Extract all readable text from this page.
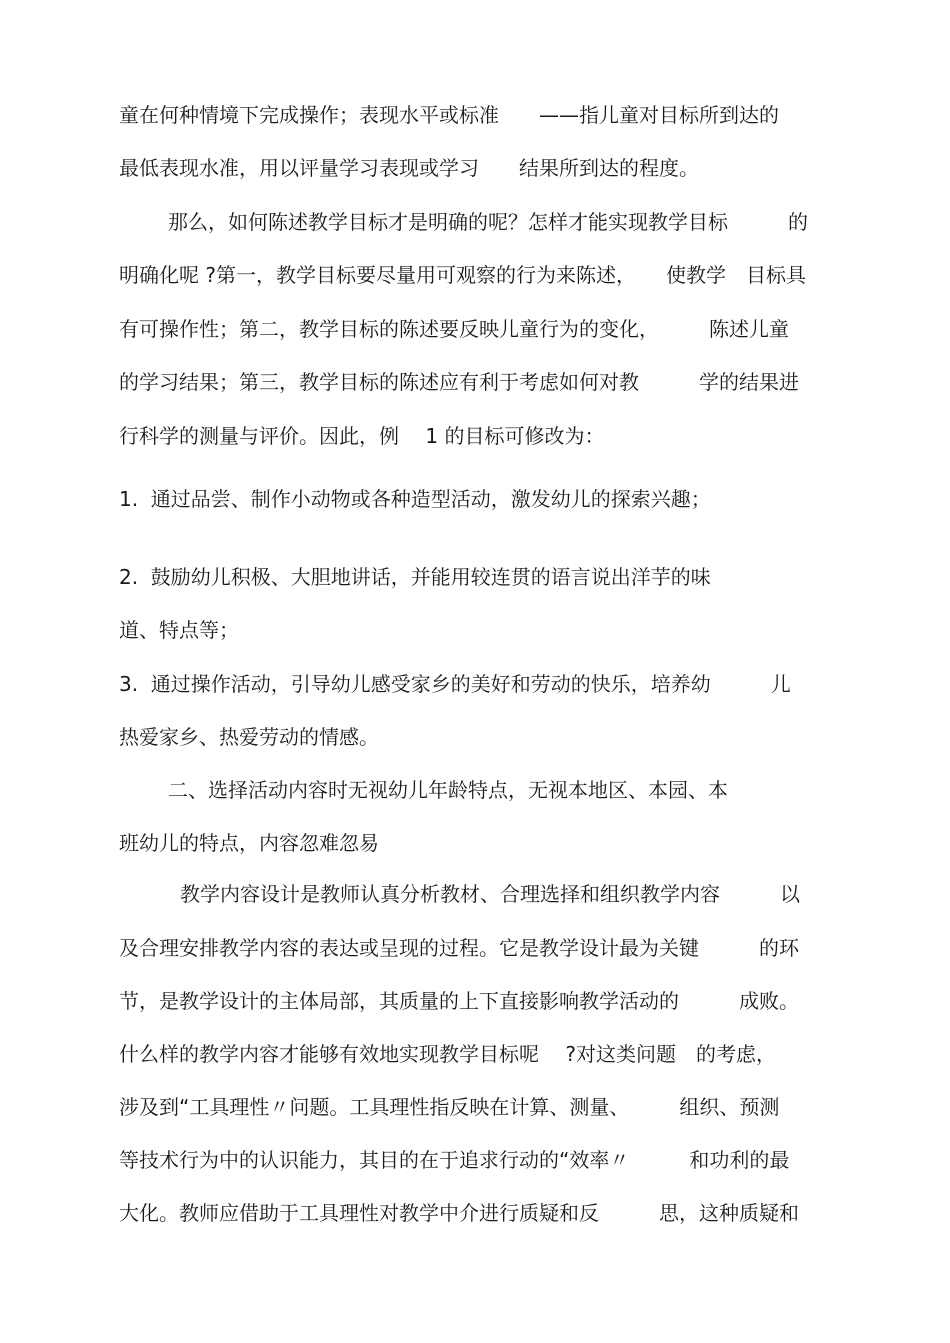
童在何种情境下完成操作；表现水平或标准　　——指儿童对目标所到达的
最低表现水准，用以评量学习表现或学习　　结果所到达的程度。
那么，如何陈述教学目标才是明确的呢？怎样才能实现教学目标　　　的
明确化呢 ?第一，教学目标要尽量用可观察的行为来陈述，　　使教学　目标具
有可操作性；第二，教学目标的陈述要反映儿童行为的变化，　　　陈述儿童
的学习结果；第三，教学目标的陈述应有利于考虑如何对教　　　学的结果进
行科学的测量与评价。因此，例　 1 的目标可修改为：
1.  通过品尝、制作小动物或各种造型活动，激发幼儿的探索兴趣；
2.  鼓励幼儿积极、大胆地讲话，并能用较连贯的语言说出洋芋的味
道、特点等；
3.  通过操作活动，引导幼儿感受家乡的美好和劳动的快乐，培养幼　　　儿
热爱家乡、热爱劳动的情感。
二、选择活动内容时无视幼儿年龄特点，无视本地区、本园、本
班幼儿的特点，内容忽难忽易
教学内容设计是教师认真分析教材、合理选择和组织教学内容　　　以
及合理安排教学内容的表达或呈现的过程。它是教学设计最为关键　　　的环
节，是教学设计的主体局部，其质量的上下直接影响教学活动的　　　成败。
什么样的教学内容才能够有效地实现教学目标呢　 ?对这类问题　的考虑，
涉及到“工具理性〃问题。工具理性指反映在计算、测量、　　　组织、预测
等技术行为中的认识能力，其目的在于追求行动的“效率〃　　　和功利的最
大化。教师应借助于工具理性对教学中介进行质疑和反　　　思，这种质疑和
